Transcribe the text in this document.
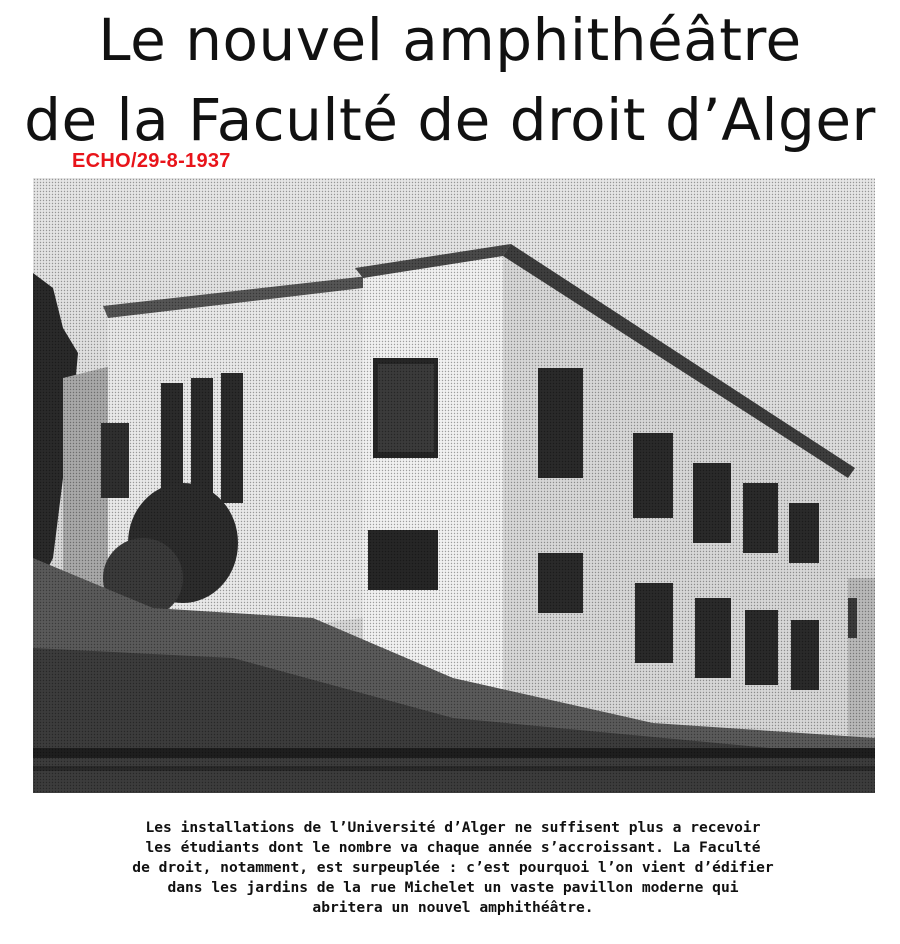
Le nouvel amphithéâtre
de la Faculté de droit d’Alger
ECHO/29-8-1937
Les installations de l’Université d’Alger ne suffisent plus a recevoir
les étudiants dont le nombre va chaque année s’accroissant. La Faculté
de droit, notamment, est surpeuplée : c’est pourquoi l’on vient d’édifier
dans les jardins de la rue Michelet un vaste pavillon moderne qui
abritera un nouvel amphithéâtre.
